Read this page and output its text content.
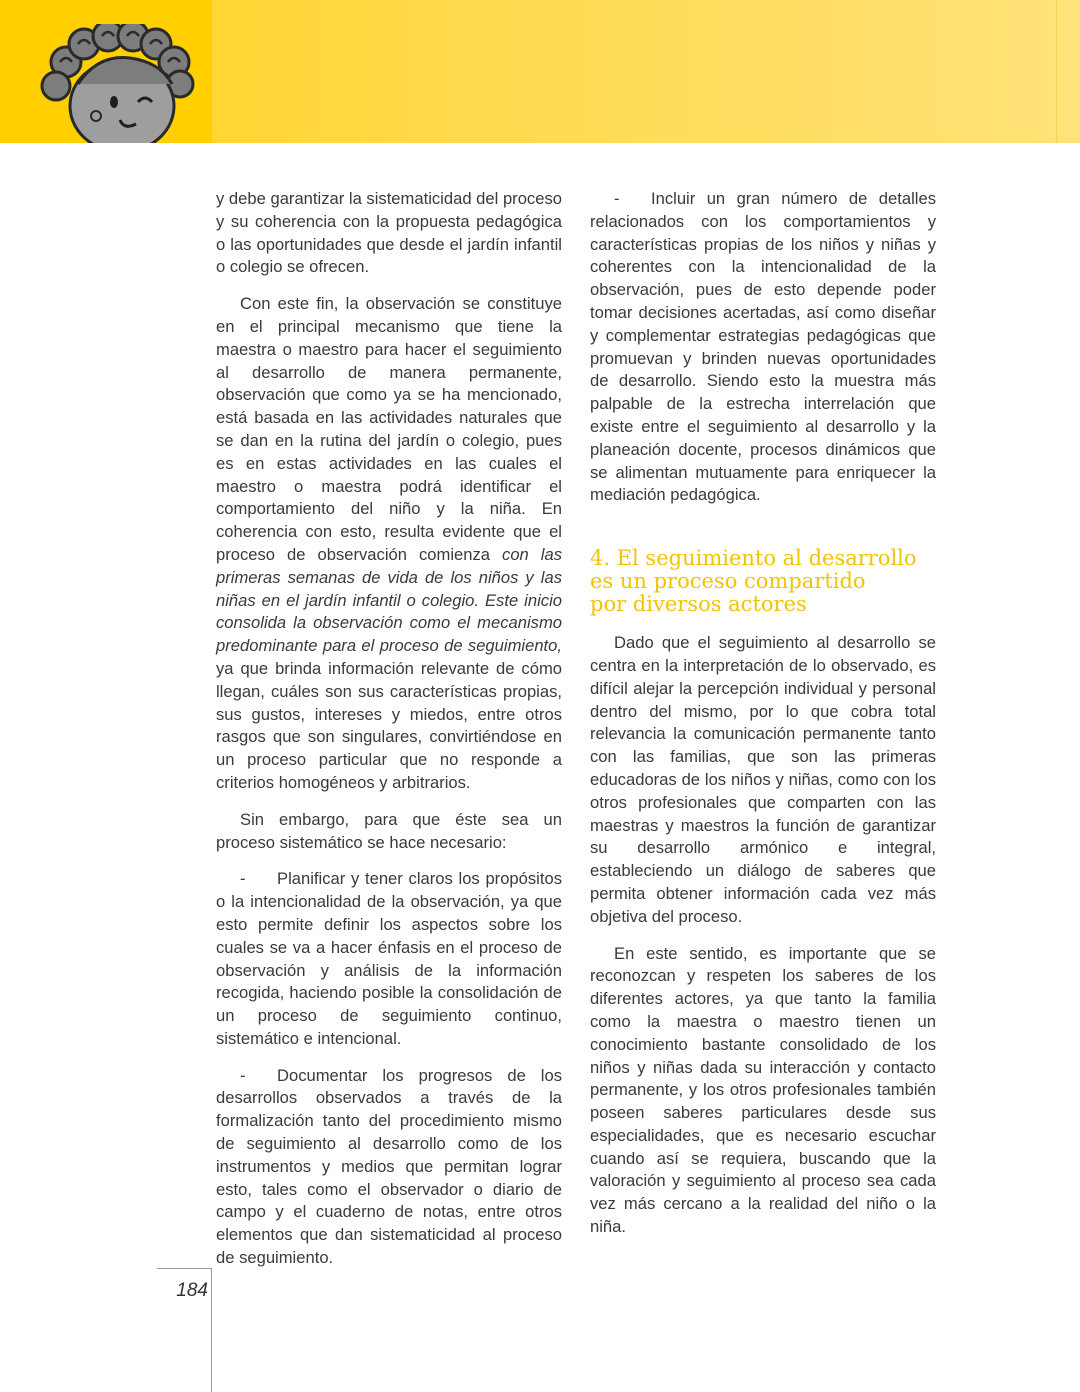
y debe garantizar la sistematicidad del proceso y su coherencia con la propuesta pedagógica o las oportunidades que desde el jardín infantil o colegio se ofrecen.

Con este fin, la observación se constituye en el principal mecanismo que tiene la maestra o maestro para hacer el seguimiento al desarrollo de manera permanente, observación que como ya se ha mencionado, está basada en las actividades naturales que se dan en la rutina del jardín o colegio, pues es en estas actividades en las cuales el maestro o maestra podrá identificar el comportamiento del niño y la niña. En coherencia con esto, resulta evidente que el proceso de observación comienza con las primeras semanas de vida de los niños y las niñas en el jardín infantil o colegio. Este inicio consolida la observación como el mecanismo predominante para el proceso de seguimiento, ya que brinda información relevante de cómo llegan, cuáles son sus características propias, sus gustos, intereses y miedos, entre otros rasgos que son singulares, convirtiéndose en un proceso particular que no responde a criterios homogéneos y arbitrarios.

Sin embargo, para que éste sea un proceso sistemático se hace necesario:

- Planificar y tener claros los propósitos o la intencionalidad de la observación, ya que esto permite definir los aspectos sobre los cuales se va a hacer énfasis en el proceso de observación y análisis de la información recogida, haciendo posible la consolidación de un proceso de seguimiento continuo, sistemático e intencional.

- Documentar los progresos de los desarrollos observados a través de la formalización tanto del procedimiento mismo de seguimiento al desarrollo como de los instrumentos y medios que permitan lograr esto, tales como el observador o diario de campo y el cuaderno de notas, entre otros elementos que dan sistematicidad al proceso de seguimiento.

- Incluir un gran número de detalles relacionados con los comportamientos y características propias de los niños y niñas y coherentes con la intencionalidad de la observación, pues de esto depende poder tomar decisiones acertadas, así como diseñar y complementar estrategias pedagógicas que promuevan y brinden nuevas oportunidades de desarrollo. Siendo esto la muestra más palpable de la estrecha interrelación que existe entre el seguimiento al desarrollo y la planeación docente, procesos dinámicos que se alimentan mutuamente para enriquecer la mediación pedagógica.

4. El seguimiento al desarrollo
es un proceso compartido
por diversos actores

Dado que el seguimiento al desarrollo se centra en la interpretación de lo observado, es difícil alejar la percepción individual y personal dentro del mismo, por lo que cobra total relevancia la comunicación permanente tanto con las familias, que son las primeras educadoras de los niños y niñas, como con los otros profesionales que comparten con las maestras y maestros la función de garantizar su desarrollo armónico e integral, estableciendo un diálogo de saberes que permita obtener información cada vez más objetiva del proceso.

En este sentido, es importante que se reconozcan y respeten los saberes de los diferentes actores, ya que tanto la familia como la maestra o maestro tienen un conocimiento bastante consolidado de los niños y niñas dada su interacción y contacto permanente, y los otros profesionales también poseen saberes particulares desde sus especialidades, que es necesario escuchar cuando así se requiera, buscando que la valoración y seguimiento al proceso sea cada vez más cercano a la realidad del niño o la niña.

184
